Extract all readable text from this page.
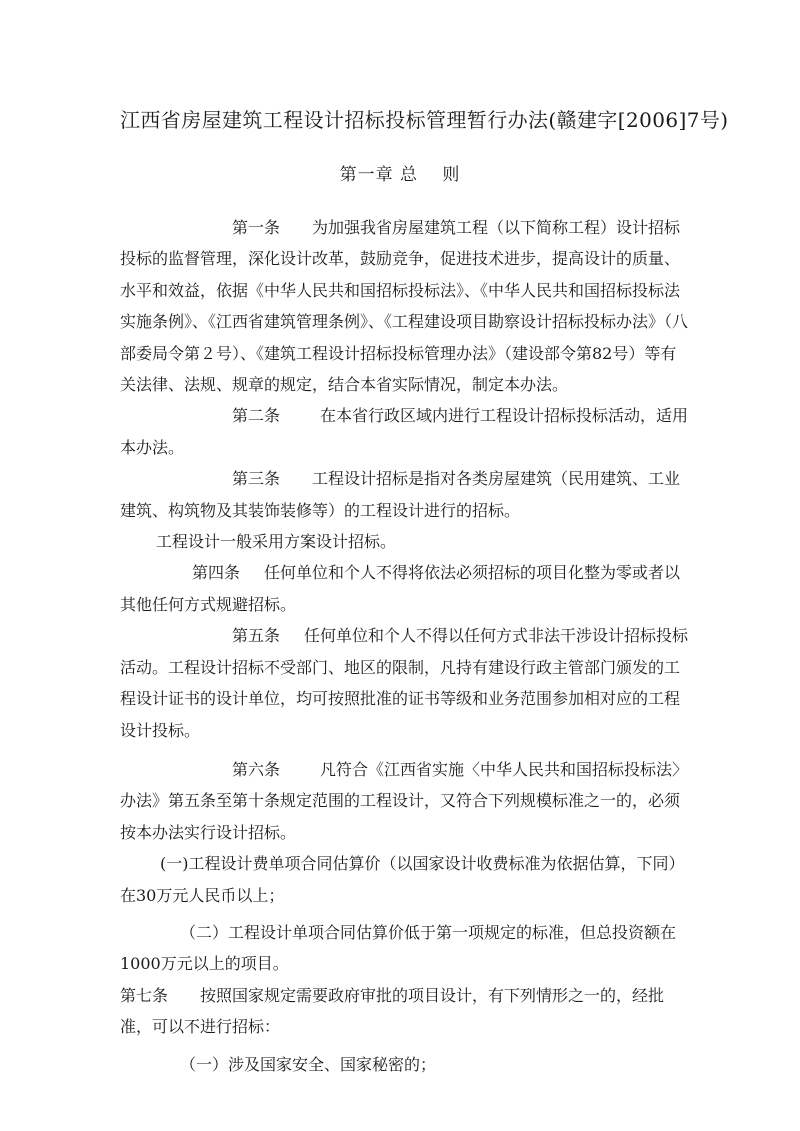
江西省房屋建筑工程设计招标投标管理暂行办法(赣建字[2006]7号)
第一章 总　 则

第一条 为加强我省房屋建筑工程（以下简称工程）设计招标投标的监督管理，深化设计改革，鼓励竞争，促进技术进步，提高设计的质量、水平和效益，依据《中华人民共和国招标投标法》、《中华人民共和国招标投标法实施条例》、《江西省建筑管理条例》、《工程建设项目勘察设计招标投标办法》（八部委局令第２号）、《建筑工程设计招标投标管理办法》（建设部令第82号）等有关法律、法规、规章的规定，结合本省实际情况，制定本办法。

第二条	在本省行政区域内进行工程设计招标投标活动，适用本办法。

第三条 工程设计招标是指对各类房屋建筑（民用建筑、工业建筑、构筑物及其装饰装修等）的工程设计进行的招标。

工程设计一般采用方案设计招标。

第四条 任何单位和个人不得将依法必须招标的项目化整为零或者以其他任何方式规避招标。

第五条 任何单位和个人不得以任何方式非法干涉设计招标投标活动。工程设计招标不受部门、地区的限制，凡持有建设行政主管部门颁发的工程设计证书的设计单位，均可按照批准的证书等级和业务范围参加相对应的工程设计投标。

第六条	凡符合《江西省实施〈中华人民共和国招标投标法〉办法》第五条至第十条规定范围的工程设计，又符合下列规模标准之一的，必须按本办法实行设计招标。

(一)工程设计费单项合同估算价（以国家设计收费标准为依据估算，下同）在30万元人民币以上；

（二）工程设计单项合同估算价低于第一项规定的标准，但总投资额在1000万元以上的项目。

第七条 按照国家规定需要政府审批的项目设计，有下列情形之一的，经批准，可以不进行招标：

（一）涉及国家安全、国家秘密的；
